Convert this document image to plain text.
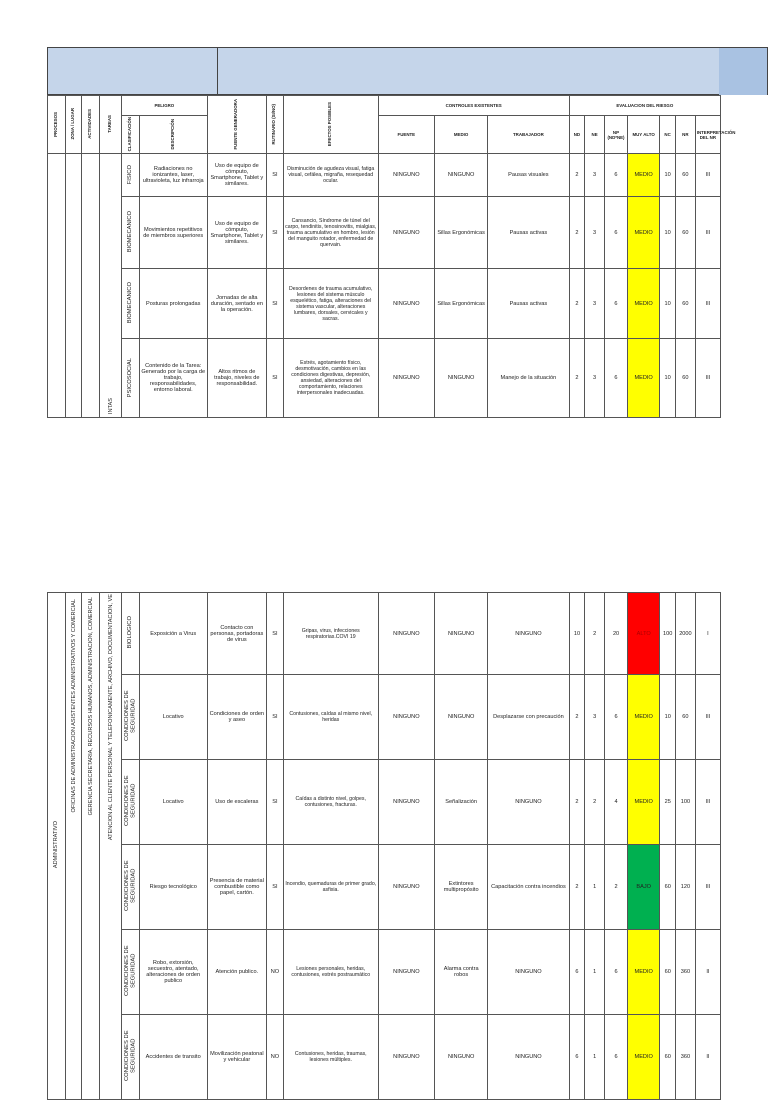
PROCESOS	ZONA / LUGAR	ACTIVIDADES	TAREAS	PELIGRO		FUENTE GENERADORA	RUTINARIO (SI/NO)	EFECTOS POSIBLES	CONTROLES EXISTENTES			EVALUACION DEL RIESGO						
				CLASIFICACIÓN	DESCRIPCIÓN				FUENTE	MEDIO	TRABAJADOR	ND	NE	NP (ND*NE)	MUY ALTO	NC	NR	INTERPRETACIÓN DEL NR
			INTAS	FISICO	Radiaciones no ionizantes, laser, ultravioleta, luz infrarroja	Uso de equipo de cómputo, Smartphone, Tablet y similares.	SI	Disminución de agudeza visual, fatiga visual, cefálea, migraña, resequedad ocular.	NINGUNO	NINGUNO	Pausas visuales	2	3	6	MEDIO	10	60	III
				BIOMECANICO	Movimientos repetitivos de miembros superiores	Uso de equipo de cómputo, Smartphone, Tablet y similares.	SI	Cansancio, Síndrome de túnel del carpo, tendinitis, tenosinovitis, mialgias, trauma acumulativo en hombro, lesión del manguito rotador, enfermedad de quervain.	NINGUNO	Sillas Ergonómicas	Pausas activas	2	3	6	MEDIO	10	60	III
				BIOMECANICO	Posturas prolongadas	Jornadas de alta duración, sentado en la operación.	SI	Desordenes de trauma acumulativo, lesiones del sistema músculo esquelético, fatiga, alteraciones del sistema vascular, alteraciones lumbares, dorsales, cervicales y sacras.	NINGUNO	Sillas Ergonómicas	Pausas activas	2	3	6	MEDIO	10	60	III
				PSICOSOCIAL	Contenido de la Tarea: Generado por la carga de trabajo, responsabilidades, entorno laboral.	Altos ritmos de trabajo, niveles de responsabilidad.	SI	Estrés, agotamiento físico, desmotivación, cambios en las condiciones digestivas, depresión, ansiedad, alteraciones del comportamiento, relaciones interpersonales inadecuadas.	NINGUNO	NINGUNO	Manejo de la situación	2	3	6	MEDIO	10	60	III
ADMINISTRATIVO	OFICINAS DE ADMINISTRACION ASISTENTES ADMINISTRATIVOS Y COMERCIAL	GERENCIA SECRETARIA, RECURSOS HUMANOS, ADMINISTRACION, COMERCIAL	ATENCION AL CLIENTE PERSONAL Y TELEFONICAMENTE, ARCHIVO, DOCUMENTACION, VE	BIOLOGICO	Exposición a Virus	Contacto con personas, portadoras de virus	SI	Gripas, virus, infecciones respiratorias.COVI 19	NINGUNO	NINGUNO	NINGUNO	10	2	20	ALTO	100	2000	I
				CONDICIONES DE SEGURIDAD	Locativo	Condiciones de orden y aseo	SI	Contusiones, caídas al mismo nivel, heridas	NINGUNO	NINGUNO	Desplazarse con precaución	2	3	6	MEDIO	10	60	III
				CONDICIONES DE SEGURIDAD	Locativo	Uso de escaleras	SI	Caídas a distinto nivel, golpes, contusiones, fracturas.	NINGUNO	Señalización	NINGUNO	2	2	4	MEDIO	25	100	III
				CONDICIONES DE SEGURIDAD	Riesgo tecnológico	Presencia de material combustible como papel, cartón.	SI	Incendio, quemaduras de primer grado, asfixia.	NINGUNO	Extintores multipropósito	Capacitación contra incendios	2	1	2	BAJO	60	120	III
				CONDICIONES DE SEGURIDAD	Robo, extorsión, secuestro, atentado, alteraciones de orden publico	Atención publico.	NO	Lesiones personales, heridas, contusiones, estrés postraumático	NINGUNO	Alarma contra robos	NINGUNO	6	1	6	MEDIO	60	360	II
				CONDICIONES DE SEGURIDAD	Accidentes de transito	Movilización peatonal y vehicular	NO	Contusiones, heridas, traumas, lesiones múltiples.	NINGUNO	NINGUNO	NINGUNO	6	1	6	MEDIO	60	360	II
